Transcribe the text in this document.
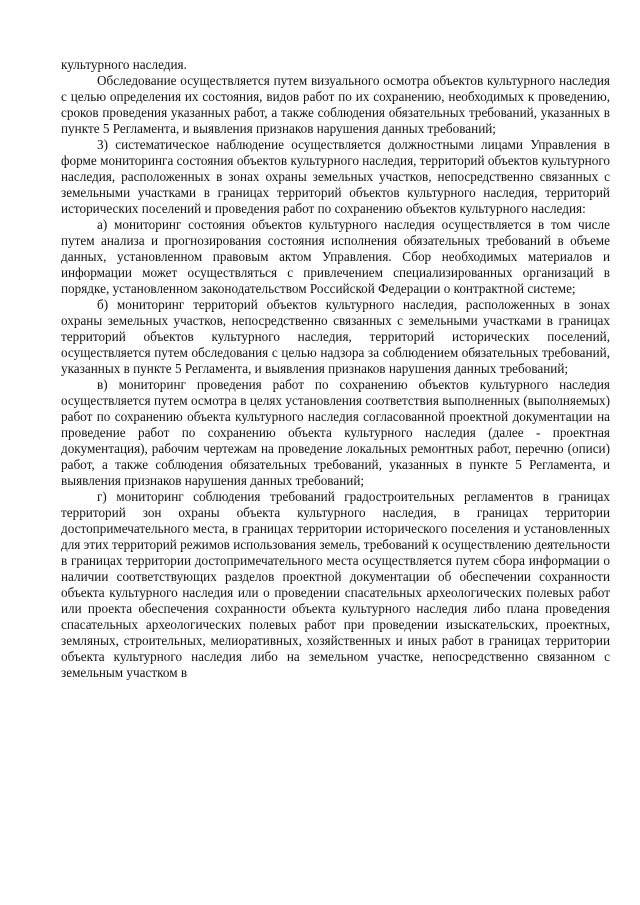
культурного наследия.

Обследование осуществляется путем визуального осмотра объектов культурного наследия с целью определения их состояния, видов работ по их сохранению, необходимых к проведению, сроков проведения указанных работ, а также соблюдения обязательных требований, указанных в пункте 5 Регламента, и выявления признаков нарушения данных требований;

3) систематическое наблюдение осуществляется должностными лицами Управления в форме мониторинга состояния объектов культурного наследия, территорий объектов культурного наследия, расположенных в зонах охраны земельных участков, непосредственно связанных с земельными участками в границах территорий объектов культурного наследия, территорий исторических поселений и проведения работ по сохранению объектов культурного наследия:

а) мониторинг состояния объектов культурного наследия осуществляется в том числе путем анализа и прогнозирования состояния исполнения обязательных требований в объеме данных, установленном правовым актом Управления. Сбор необходимых материалов и информации может осуществляться с привлечением специализированных организаций в порядке, установленном законодательством Российской Федерации о контрактной системе;

б) мониторинг территорий объектов культурного наследия, расположенных в зонах охраны земельных участков, непосредственно связанных с земельными участками в границах территорий объектов культурного наследия, территорий исторических поселений, осуществляется путем обследования с целью надзора за соблюдением обязательных требований, указанных в пункте 5 Регламента, и выявления признаков нарушения данных требований;

в) мониторинг проведения работ по сохранению объектов культурного наследия осуществляется путем осмотра в целях установления соответствия выполненных (выполняемых) работ по сохранению объекта культурного наследия согласованной проектной документации на проведение работ по сохранению объекта культурного наследия (далее - проектная документация), рабочим чертежам на проведение локальных ремонтных работ, перечню (описи) работ, а также соблюдения обязательных требований, указанных в пункте 5 Регламента, и выявления признаков нарушения данных требований;

г) мониторинг соблюдения требований градостроительных регламентов в границах территорий зон охраны объекта культурного наследия, в границах территории достопримечательного места, в границах территории исторического поселения и установленных для этих территорий режимов использования земель, требований к осуществлению деятельности в границах территории достопримечательного места осуществляется путем сбора информации о наличии соответствующих разделов проектной документации об обеспечении сохранности объекта культурного наследия или о проведении спасательных археологических полевых работ или проекта обеспечения сохранности объекта культурного наследия либо плана проведения спасательных археологических полевых работ при проведении изыскательских, проектных, земляных, строительных, мелиоративных, хозяйственных и иных работ в границах территории объекта культурного наследия либо на земельном участке, непосредственно связанном с земельным участком в
